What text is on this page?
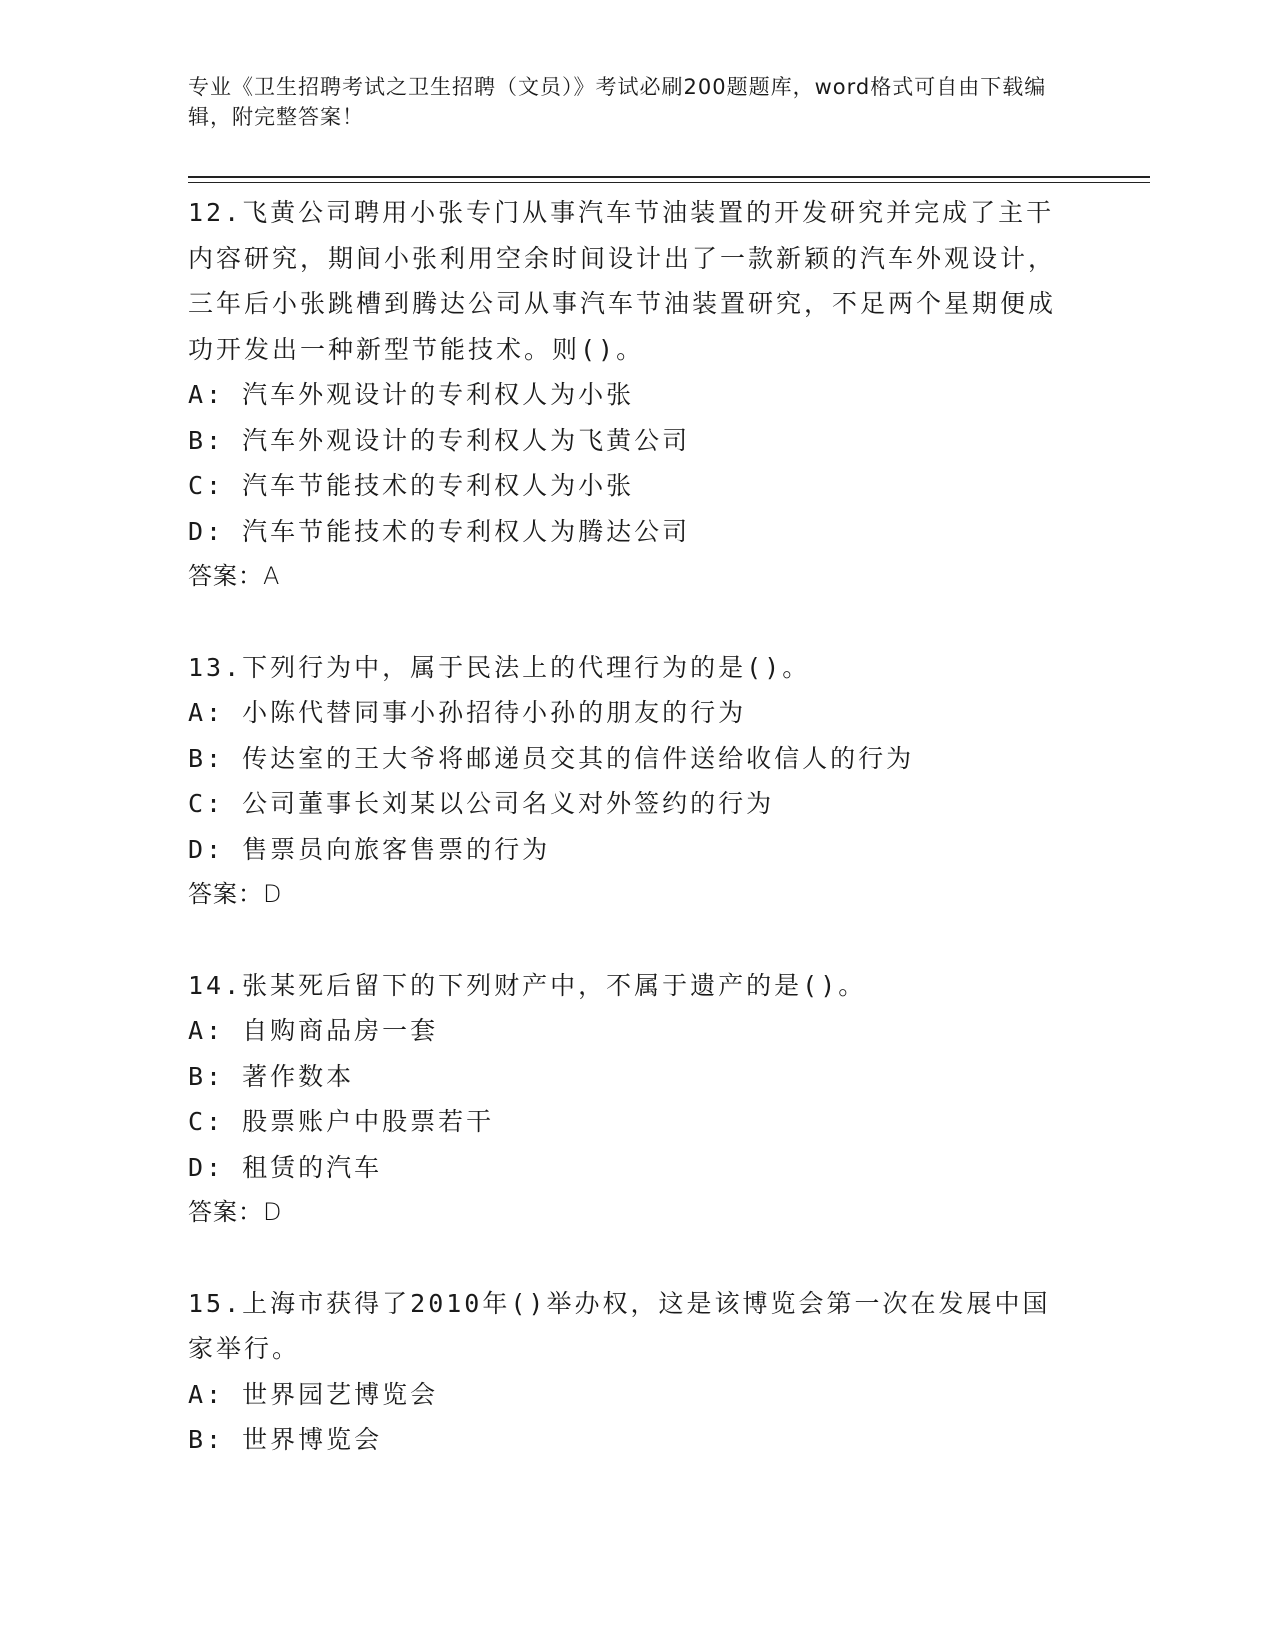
专业《卫生招聘考试之卫生招聘（文员）》考试必刷200题题库，word格式可自由下载编辑，附完整答案！

12.飞黄公司聘用小张专门从事汽车节油装置的开发研究并完成了主干内容研究，期间小张利用空余时间设计出了一款新颖的汽车外观设计，三年后小张跳槽到腾达公司从事汽车节油装置研究，不足两个星期便成功开发出一种新型节能技术。则()。

A: 汽车外观设计的专利权人为小张

B: 汽车外观设计的专利权人为飞黄公司

C: 汽车节能技术的专利权人为小张

D: 汽车节能技术的专利权人为腾达公司

答案：A

13.下列行为中，属于民法上的代理行为的是()。

A: 小陈代替同事小孙招待小孙的朋友的行为

B: 传达室的王大爷将邮递员交其的信件送给收信人的行为

C: 公司董事长刘某以公司名义对外签约的行为

D: 售票员向旅客售票的行为

答案：D

14.张某死后留下的下列财产中，不属于遗产的是()。

A: 自购商品房一套

B: 著作数本

C: 股票账户中股票若干

D: 租赁的汽车

答案：D

15.上海市获得了2010年()举办权，这是该博览会第一次在发展中国家举行。

A: 世界园艺博览会

B: 世界博览会
